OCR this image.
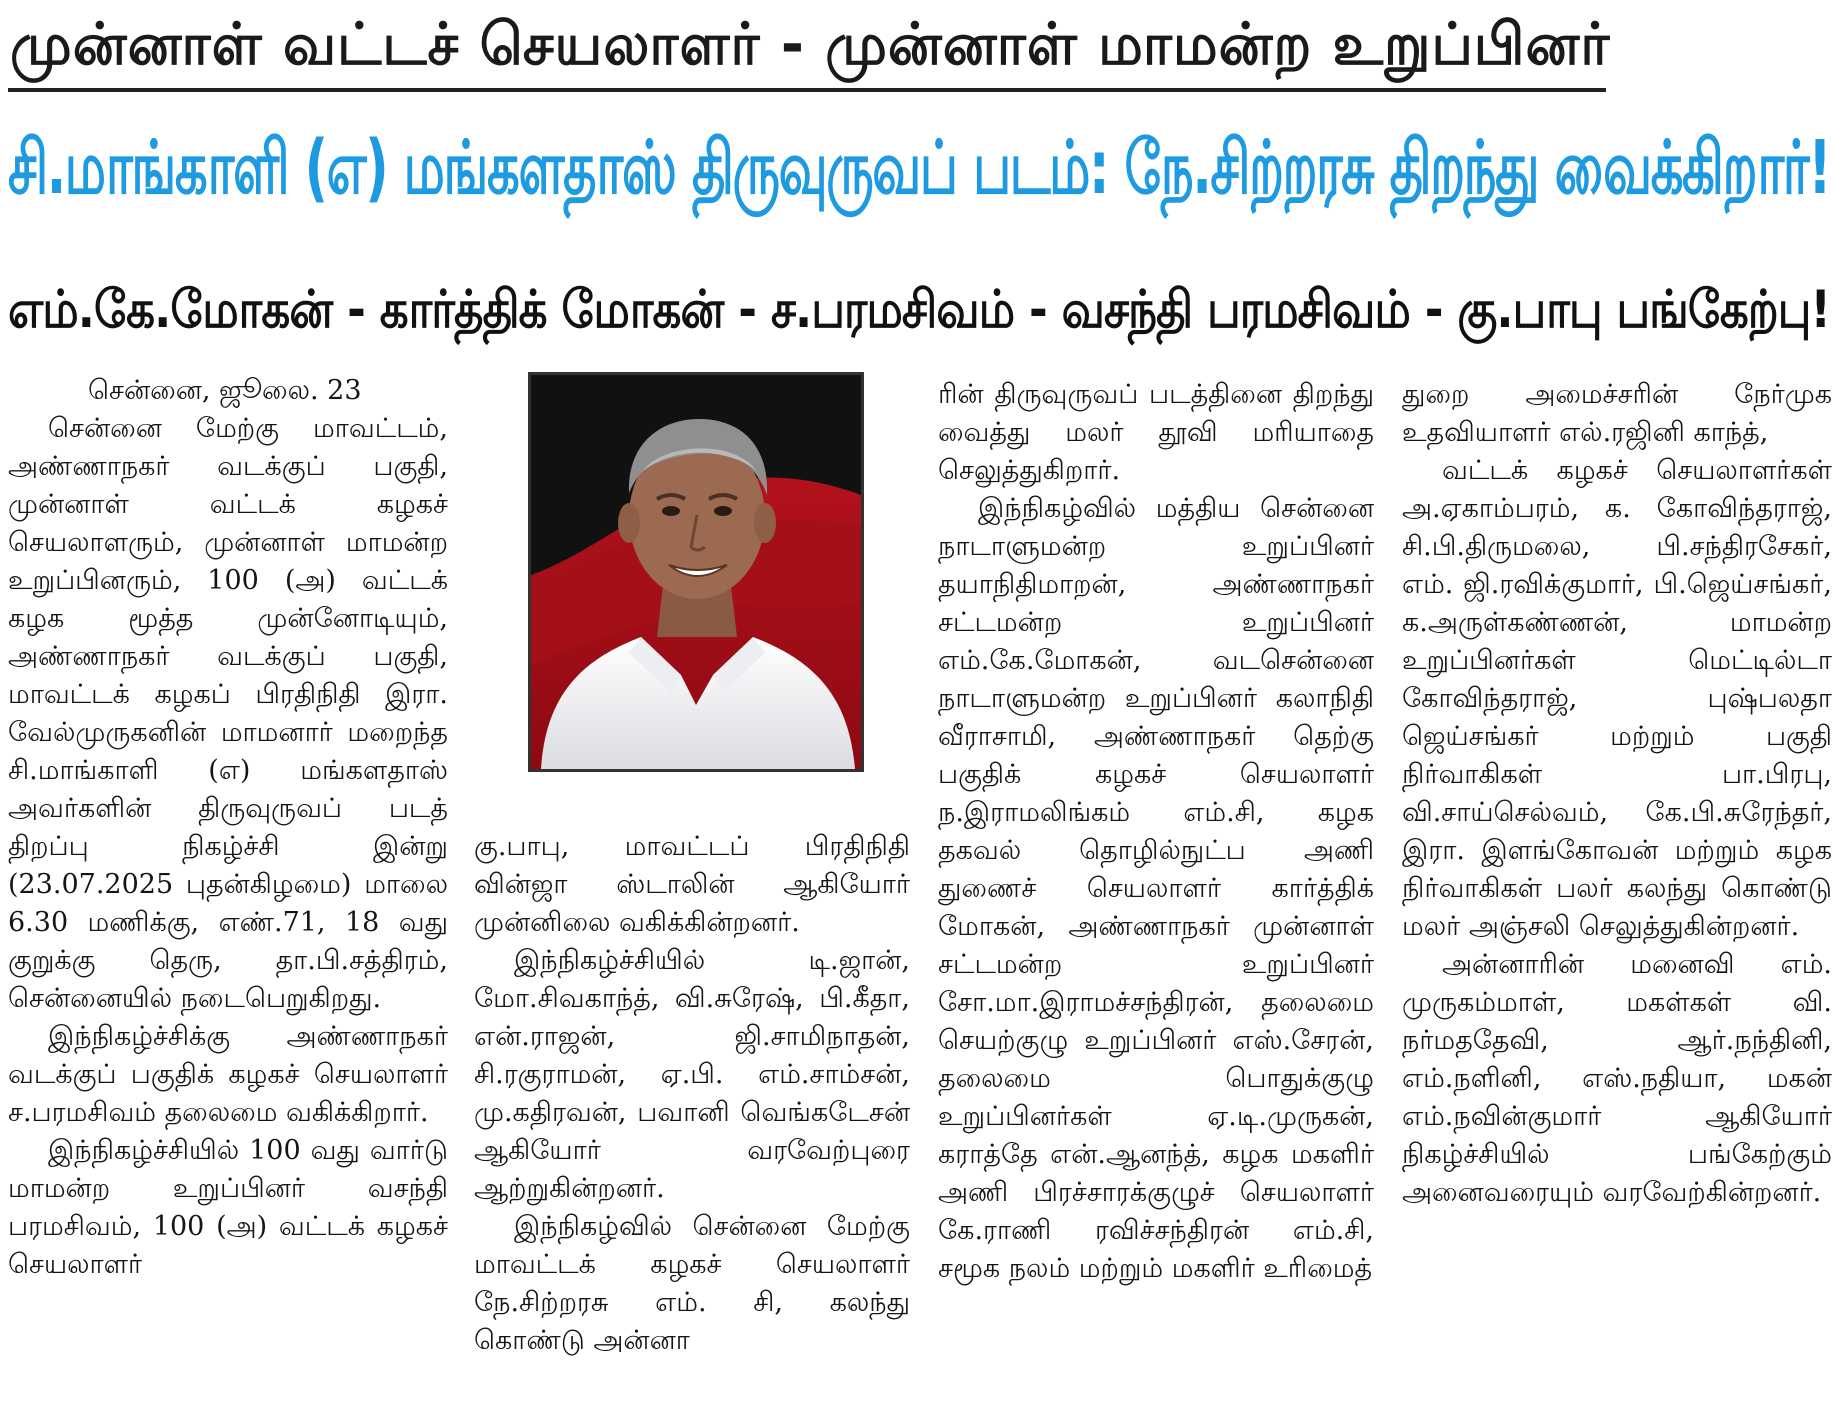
முன்னாள் வட்டச் செயலாளர் - முன்னாள் மாமன்ற உறுப்பினர்
சி.மாங்காளி (எ) மங்களதாஸ் திருவுருவப் படம்: நே.சிற்றரசு திறந்து வைக்கிறார்!
எம்.கே.மோகன் - கார்த்திக் மோகன் - ச.பரமசிவம் - வசந்தி பரமசிவம் - கு.பாபு பங்கேற்பு!

சென்னை, ஜூலை. 23

சென்னை மேற்கு மாவட்டம், அண்ணாநகர் வடக்குப் பகுதி, முன்னாள் வட்டக் கழகச் செயலாளரும், முன்னாள் மாமன்ற உறுப்பினரும், 100 (அ) வட்டக் கழக மூத்த முன்னோடியும், அண்ணாநகர் வடக்குப் பகுதி, மாவட்டக் கழகப் பிரதிநிதி இரா. வேல்முருகனின் மாமனார் மறைந்த சி.மாங்காளி (எ) மங்களதாஸ் அவர்களின் திருவுருவப் படத் திறப்பு நிகழ்ச்சி இன்று (23.07.2025 புதன்கிழமை) மாலை 6.30 மணிக்கு, எண்.71, 18 வது குறுக்கு தெரு, தா.பி.சத்திரம், சென்னையில் நடைபெறுகிறது.

இந்நிகழ்ச்சிக்கு அண்ணாநகர் வடக்குப் பகுதிக் கழகச் செயலாளர் ச.பரமசிவம் தலைமை வகிக்கிறார்.

இந்நிகழ்ச்சியில் 100 வது வார்டு மாமன்ற உறுப்பினர் வசந்தி பரமசிவம், 100 (அ) வட்டக் கழகச் செயலாளர்

கு.பாபு, மாவட்டப் பிரதிநிதி வின்ஜா ஸ்டாலின் ஆகியோர் முன்னிலை வகிக்கின்றனர்.

இந்நிகழ்ச்சியில் டி.ஜான், மோ.சிவகாந்த், வி.சுரேஷ், பி.கீதா, என்.ராஜன், ஜி.சாமிநாதன், சி.ரகுராமன், ஏ.பி. எம்.சாம்சன், மு.கதிரவன், பவானி வெங்கடேசன் ஆகியோர் வரவேற்புரை ஆற்றுகின்றனர்.

இந்நிகழ்வில் சென்னை மேற்கு மாவட்டக் கழகச் செயலாளர் நே.சிற்றரசு எம். சி, கலந்து கொண்டு அன்னா

ரின் திருவுருவப் படத்தினை திறந்து வைத்து மலர் தூவி மரியாதை செலுத்துகிறார்.

இந்நிகழ்வில் மத்திய சென்னை நாடாளுமன்ற உறுப்பினர் தயாநிதிமாறன், அண்ணாநகர் சட்டமன்ற உறுப்பினர் எம்.கே.மோகன், வடசென்னை நாடாளுமன்ற உறுப்பினர் கலாநிதி வீராசாமி, அண்ணாநகர் தெற்கு பகுதிக் கழகச் செயலாளர் ந.இராமலிங்கம் எம்.சி, கழக தகவல் தொழில்நுட்ப அணி துணைச் செயலாளர் கார்த்திக் மோகன், அண்ணாநகர் முன்னாள் சட்டமன்ற உறுப்பினர் சோ.மா.இராமச்சந்திரன், தலைமை செயற்குழு உறுப்பினர் எஸ்.சேரன், தலைமை பொதுக்குழு உறுப்பினர்கள் ஏ.டி.முருகன், கராத்தே என்.ஆனந்த், கழக மகளிர் அணி பிரச்சாரக்குழுச் செயலாளர் கே.ராணி ரவிச்சந்திரன் எம்.சி, சமூக நலம் மற்றும் மகளிர் உரிமைத்

துறை அமைச்சரின் நேர்முக உதவியாளர் எல்.ரஜினி காந்த்,

வட்டக் கழகச் செயலாளர்கள் அ.ஏகாம்பரம், க. கோவிந்தராஜ், சி.பி.திருமலை, பி.சந்திரசேகர், எம். ஜி.ரவிக்குமார், பி.ஜெய்சங்கர், க.அருள்கண்ணன், மாமன்ற உறுப்பினர்கள் மெட்டில்டா கோவிந்தராஜ், புஷ்பலதா ஜெய்சங்கர் மற்றும் பகுதி நிர்வாகிகள் பா.பிரபு, வி.சாய்செல்வம், கே.பி.சுரேந்தர், இரா. இளங்கோவன் மற்றும் கழக நிர்வாகிகள் பலர் கலந்து கொண்டு மலர் அஞ்சலி செலுத்துகின்றனர்.

அன்னாரின் மனைவி எம். முருகம்மாள், மகள்கள் வி. நர்மததேவி, ஆர்.நந்தினி, எம்.நளினி, எஸ்.நதியா, மகன் எம்.நவின்குமார் ஆகியோர் நிகழ்ச்சியில் பங்கேற்கும் அனைவரையும் வரவேற்கின்றனர்.
